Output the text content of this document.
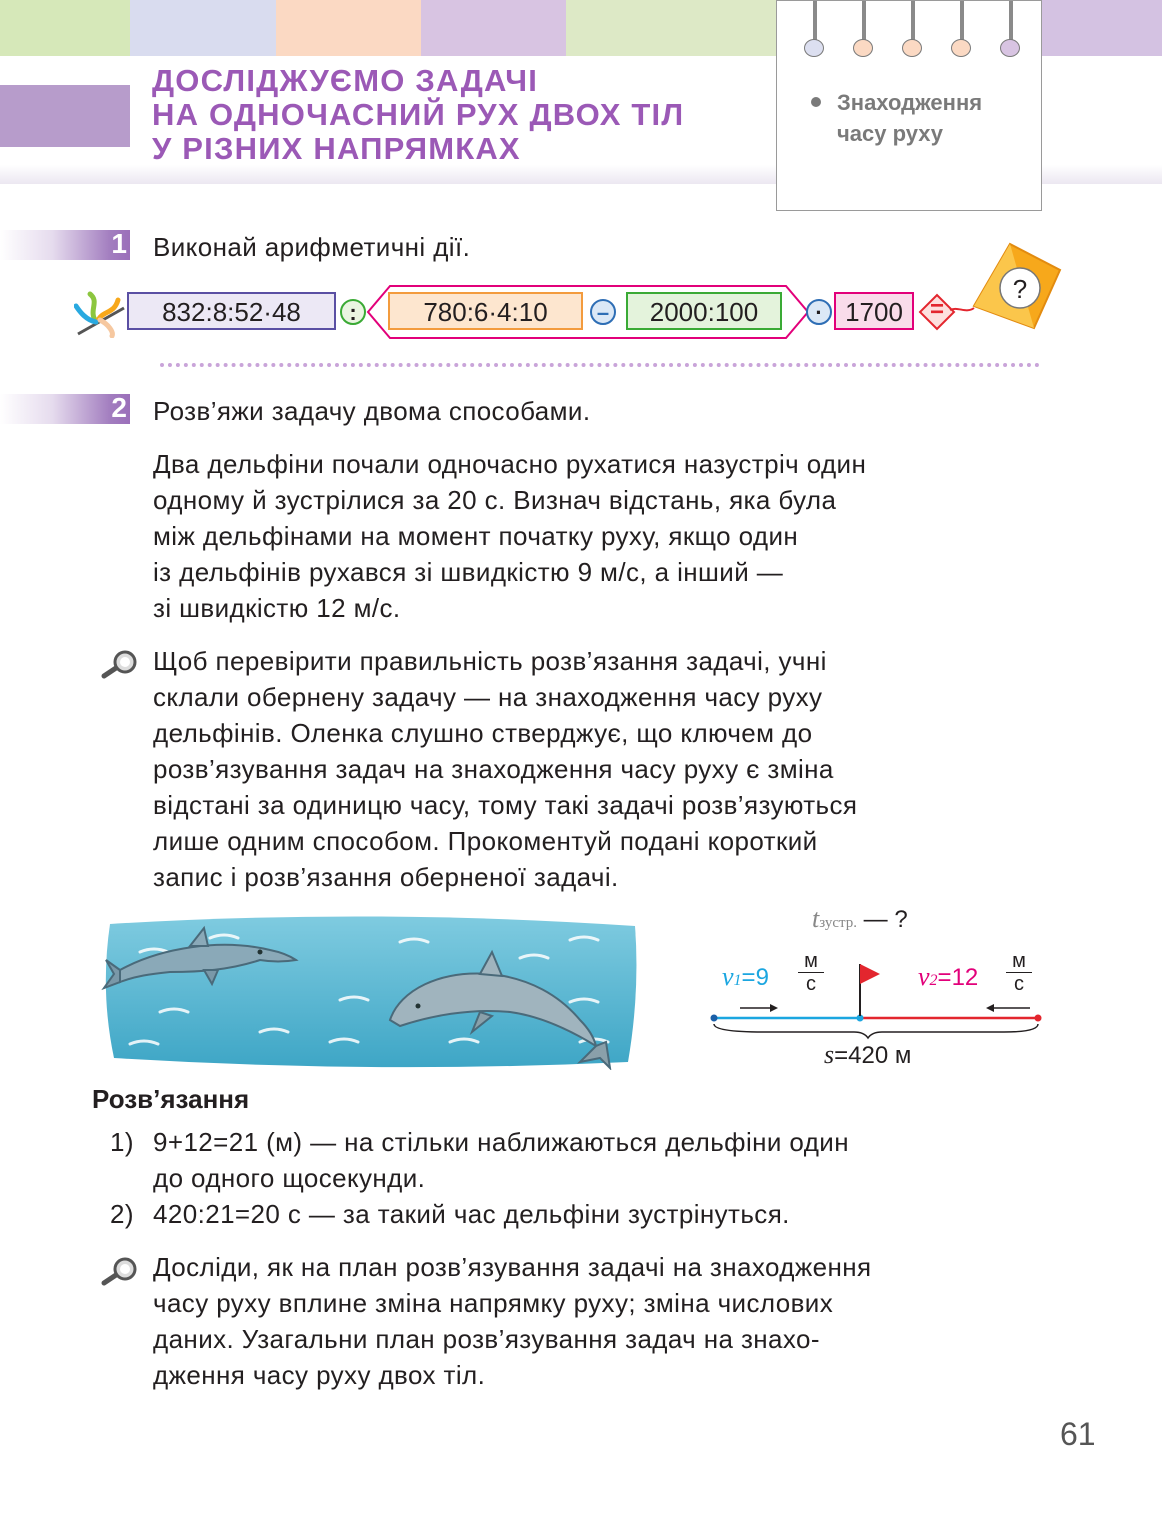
ДОСЛІДЖУЄМО ЗАДАЧІ
НА ОДНОЧАСНИЙ РУХ ДВОХ ТІЛ
У РІЗНИХ НАПРЯМКАХ
Знаходження
часу руху
1 Виконай арифметичні дії.
832:8:52·48	:	780:6·4:10	–	2000:100	· 1700	=
?
2 Розв’яжи задачу двома способами.
Два дельфіни почали одночасно рухатися назустріч один
одному й зустрілися за 20 с. Визнач відстань, яка була
між дельфінами на момент початку руху, якщо один
із дельфінів рухався зі швидкістю 9 м/с, а інший —
зі швидкістю 12 м/с.
Щоб перевірити правильність розв’язання задачі, учні
склали обернену задачу — на знаходження часу руху
дельфінів. Оленка слушно стверджує, що ключем до
розв’язування задач на знаходження часу руху є зміна
відстані за одиницю часу, тому такі задачі розв’язуються
лише одним способом. Прокоментуй подані короткий
запис і розв’язання оберненої задачі.
tзустр. — ?
v1=9
м
с	v2=12
м
с
s=420 м
Розв’язання
1) 9+12=21 (м) — на стільки наближаються дельфіни один
до одного щосекунди.
2) 420:21=20 с — за такий час дельфіни зустрінуться.
Досліди, як на план розв’язування задачі на знаходження
часу руху вплине зміна напрямку руху; зміна числових
даних. Узагальни план розв’язування задач на знахо-
дження часу руху двох тіл.
61
